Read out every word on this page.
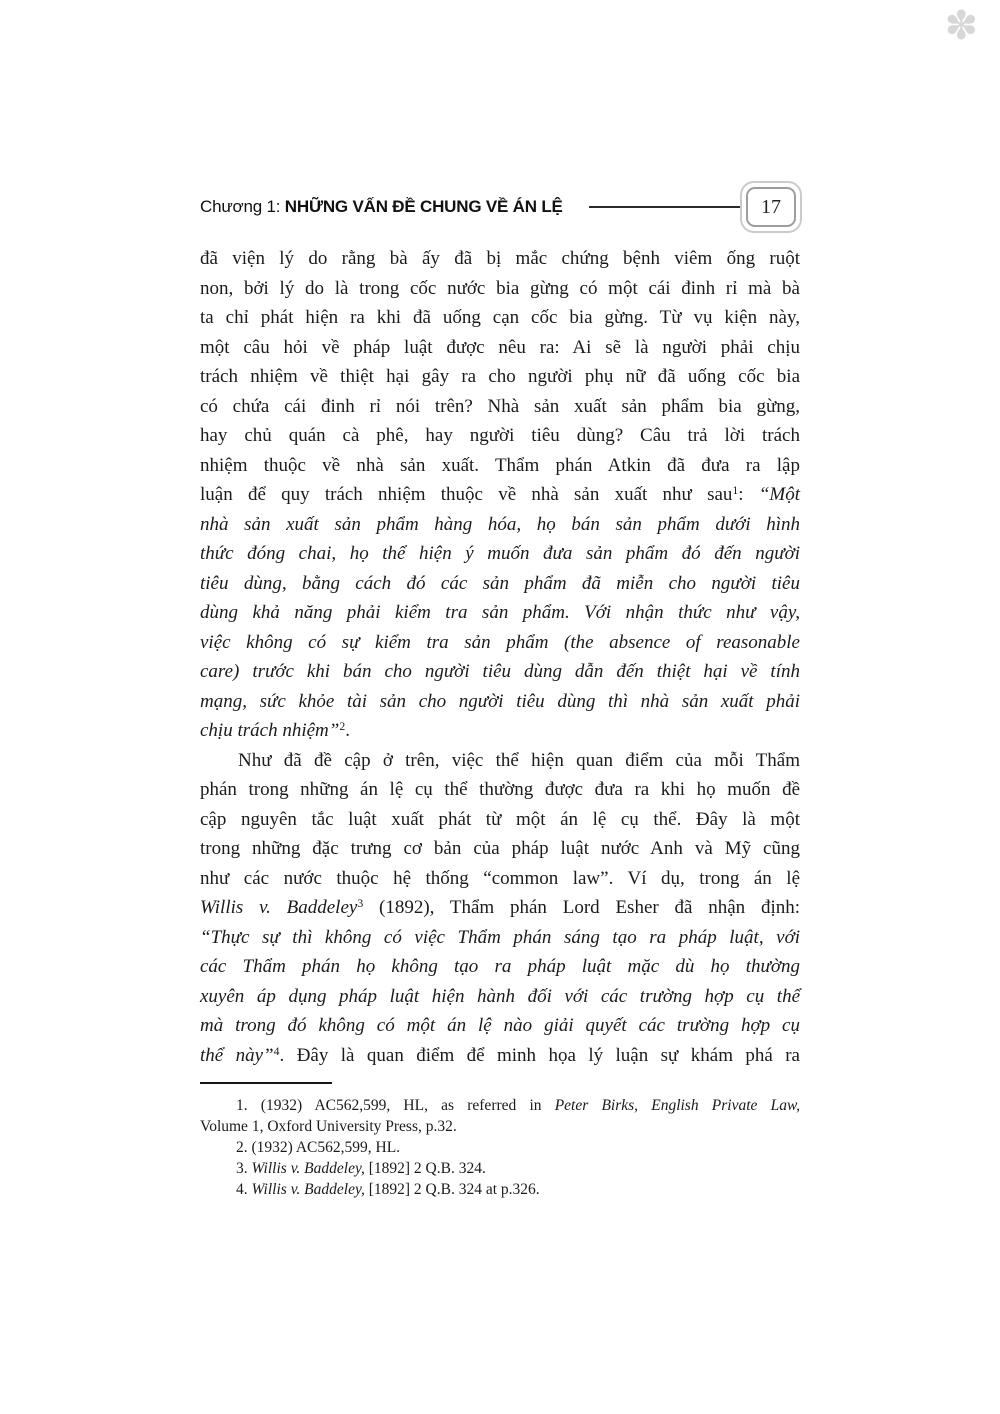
✽
Chương 1: NHỮNG VẤN ĐỀ CHUNG VỀ ÁN LỆ	17
đã viện lý do rằng bà ấy đã bị mắc chứng bệnh viêm ống ruột
non, bởi lý do là trong cốc nước bia gừng có một cái đinh rỉ mà bà
ta chỉ phát hiện ra khi đã uống cạn cốc bia gừng. Từ vụ kiện này,
một câu hỏi về pháp luật được nêu ra: Ai sẽ là người phải chịu
trách nhiệm về thiệt hại gây ra cho người phụ nữ đã uống cốc bia
có chứa cái đinh rỉ nói trên? Nhà sản xuất sản phẩm bia gừng,
hay chủ quán cà phê, hay người tiêu dùng? Câu trả lời trách
nhiệm thuộc về nhà sản xuất. Thẩm phán Atkin đã đưa ra lập
luận để quy trách nhiệm thuộc về nhà sản xuất như sau$^1$: “Một
nhà sản xuất sản phẩm hàng hóa, họ bán sản phẩm dưới hình
thức đóng chai, họ thể hiện ý muốn đưa sản phẩm đó đến người
tiêu dùng, bằng cách đó các sản phẩm đã miễn cho người tiêu
dùng khả năng phải kiểm tra sản phẩm. Với nhận thức như vậy,
việc không có sự kiểm tra sản phẩm (the absence of reasonable
care) trước khi bán cho người tiêu dùng dẫn đến thiệt hại về tính
mạng, sức khỏe tài sản cho người tiêu dùng thì nhà sản xuất phải
chịu trách nhiệm”$^2$.
Như đã đề cập ở trên, việc thể hiện quan điểm của mỗi Thẩm
phán trong những án lệ cụ thể thường được đưa ra khi họ muốn đề
cập nguyên tắc luật xuất phát từ một án lệ cụ thể. Đây là một
trong những đặc trưng cơ bản của pháp luật nước Anh và Mỹ cũng
như các nước thuộc hệ thống “common law”. Ví dụ, trong án lệ
Willis v. Baddeley$^3$ (1892), Thẩm phán Lord Esher đã nhận định:
“Thực sự thì không có việc Thẩm phán sáng tạo ra pháp luật, với
các Thẩm phán họ không tạo ra pháp luật mặc dù họ thường
xuyên áp dụng pháp luật hiện hành đối với các trường hợp cụ thể
mà trong đó không có một án lệ nào giải quyết các trường hợp cụ
thể này”$^4$. Đây là quan điểm để minh họa lý luận sự khám phá ra
1. (1932) AC562,599, HL, as referred in Peter Birks, English Private Law,
Volume 1, Oxford University Press, p.32.
2. (1932) AC562,599, HL.
3. Willis v. Baddeley, [1892] 2 Q.B. 324.
4. Willis v. Baddeley, [1892] 2 Q.B. 324 at p.326.
